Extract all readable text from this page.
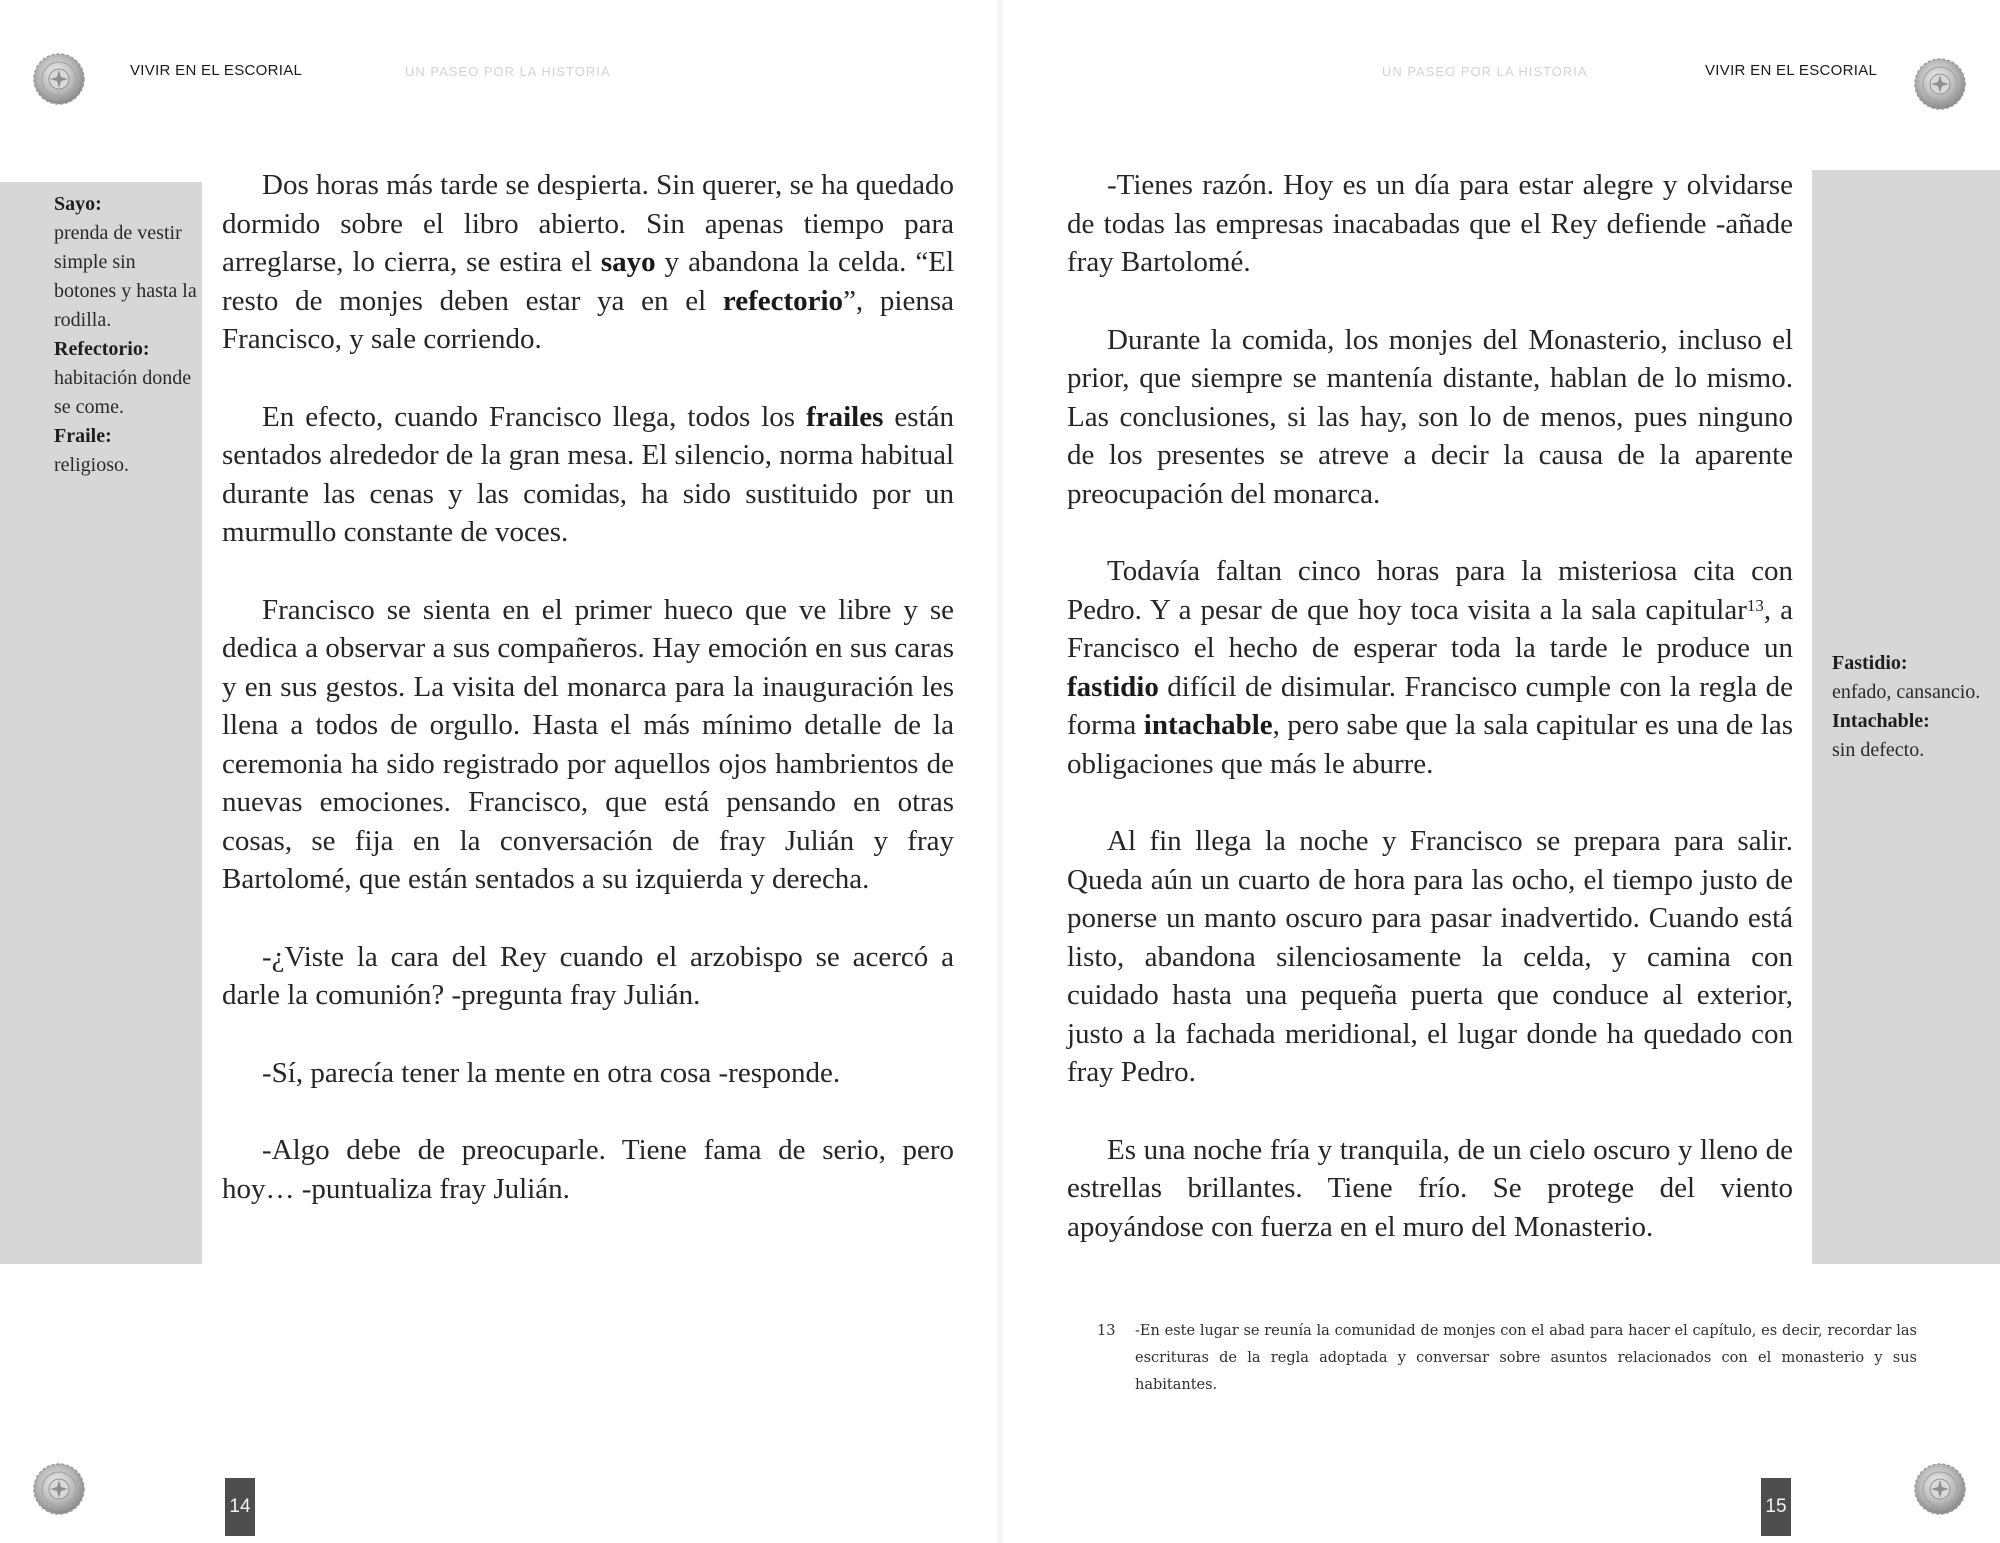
VIVIR EN EL ESCORIAL	UN PASEO POR LA HISTORIA
Sayo:
prenda de vestir simple sin botones y hasta la rodilla.
Refectorio:
habitación donde se come.
Fraile:
religioso.

Dos horas más tarde se despierta. Sin querer, se ha quedado dormido sobre el libro abierto. Sin apenas tiempo para arreglarse, lo cierra, se estira el sayo y abandona la celda. “El resto de monjes deben estar ya en el refectorio”, piensa Francisco, y sale corriendo.

En efecto, cuando Francisco llega, todos los frailes están sentados alrededor de la gran mesa. El silencio, norma habitual durante las cenas y las comidas, ha sido sustituido por un murmullo constante de voces.

Francisco se sienta en el primer hueco que ve libre y se dedica a observar a sus compañeros. Hay emoción en sus caras y en sus gestos. La visita del monarca para la inauguración les llena a todos de orgullo. Hasta el más mínimo detalle de la ceremonia ha sido registrado por aquellos ojos hambrientos de nuevas emociones. Francisco, que está pensando en otras cosas, se fija en la conversación de fray Julián y fray Bartolomé, que están sentados a su izquierda y derecha.

-¿Viste la cara del Rey cuando el arzobispo se acercó a darle la comunión? -pregunta fray Julián.

-Sí, parecía tener la mente en otra cosa -responde.

-Algo debe de preocuparle. Tiene fama de serio, pero hoy… -puntualiza fray Julián.

14
UN PASEO POR LA HISTORIA	VIVIR EN EL ESCORIAL
Fastidio:
enfado, cansancio.
Intachable:
sin defecto.

-Tienes razón. Hoy es un día para estar alegre y olvidarse de todas las empresas inacabadas que el Rey defiende -añade fray Bartolomé.

Durante la comida, los monjes del Monasterio, incluso el prior, que siempre se mantenía distante, hablan de lo mismo. Las conclusiones, si las hay, son lo de menos, pues ninguno de los presentes se atreve a decir la causa de la aparente preocupación del monarca.

Todavía faltan cinco horas para la misteriosa cita con Pedro. Y a pesar de que hoy toca visita a la sala capitular$^{13}$, a Francisco el hecho de esperar toda la tarde le produce un fastidio difícil de disimular. Francisco cumple con la regla de forma intachable, pero sabe que la sala capitular es una de las obligaciones que más le aburre.

Al fin llega la noche y Francisco se prepara para salir. Queda aún un cuarto de hora para las ocho, el tiempo justo de ponerse un manto oscuro para pasar inadvertido. Cuando está listo, abandona silenciosamente la celda, y camina con cuidado hasta una pequeña puerta que conduce al exterior, justo a la fachada meridional, el lugar donde ha quedado con fray Pedro.

Es una noche fría y tranquila, de un cielo oscuro y lleno de estrellas brillantes. Tiene frío. Se protege del viento apoyándose con fuerza en el muro del Monasterio.

13 -En este lugar se reunía la comunidad de monjes con el abad para hacer el capítulo, es decir, recordar las escrituras de la regla adoptada y conversar sobre asuntos relacionados con el monasterio y sus habitantes.
15
